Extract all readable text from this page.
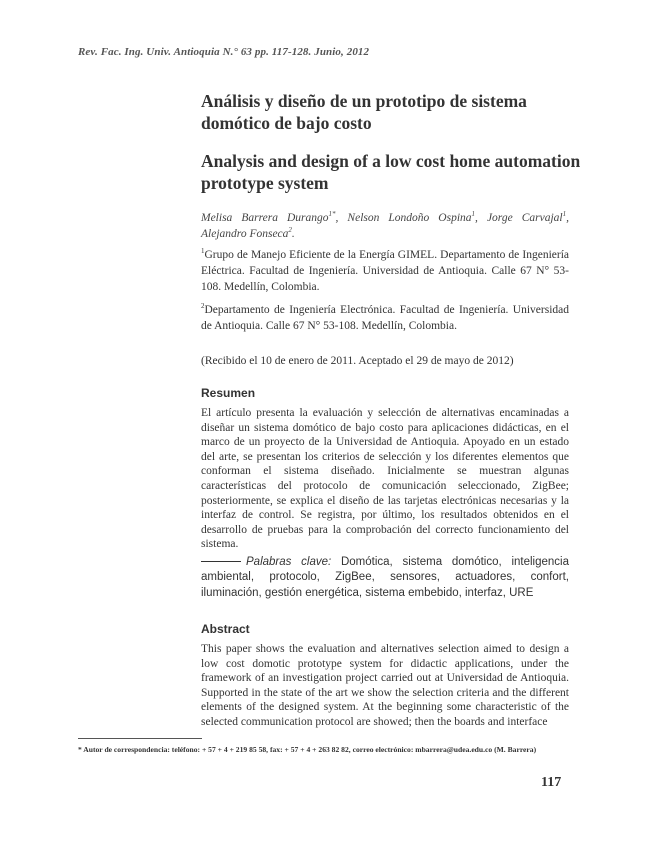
Rev. Fac. Ing. Univ. Antioquia N.° 63 pp. 117-128. Junio, 2012
Análisis y diseño de un prototipo de sistema domótico de bajo costo
Analysis and design of a low cost home automation prototype system
Melisa Barrera Durango$^{1*}$, Nelson Londoño Ospina$^1$, Jorge Carvajal$^1$, Alejandro Fonseca$^2$.
$^1$Grupo de Manejo Eficiente de la Energía GIMEL. Departamento de Ingeniería Eléctrica. Facultad de Ingeniería. Universidad de Antioquia. Calle 67 N° 53-108. Medellín, Colombia.
$^2$Departamento de Ingeniería Electrónica. Facultad de Ingeniería. Universidad de Antioquia. Calle 67 N° 53-108. Medellín, Colombia.
(Recibido el 10 de enero de 2011. Aceptado el 29 de mayo de 2012)
Resumen
El artículo presenta la evaluación y selección de alternativas encaminadas a diseñar un sistema domótico de bajo costo para aplicaciones didácticas, en el marco de un proyecto de la Universidad de Antioquia. Apoyado en un estado del arte, se presentan los criterios de selección y los diferentes elementos que conforman el sistema diseñado. Inicialmente se muestran algunas características del protocolo de comunicación seleccionado, ZigBee; posteriormente, se explica el diseño de las tarjetas electrónicas necesarias y la interfaz de control. Se registra, por último, los resultados obtenidos en el desarrollo de pruebas para la comprobación del correcto funcionamiento del sistema.
Palabras clave: Domótica, sistema domótico, inteligencia ambiental, protocolo, ZigBee, sensores, actuadores, confort, iluminación, gestión energética, sistema embebido, interfaz, URE
Abstract
This paper shows the evaluation and alternatives selection aimed to design a low cost domotic prototype system for didactic applications, under the framework of an investigation project carried out at Universidad de Antioquia. Supported in the state of the art we show the selection criteria and the different elements of the designed system. At the beginning some characteristic of the selected communication protocol are showed; then the boards and interface
* Autor de correspondencia: teléfono: + 57 + 4 + 219 85 58, fax: + 57 + 4 + 263 82 82, correo electrónico: mbarrera@udea.edu.co (M. Barrera)
117
